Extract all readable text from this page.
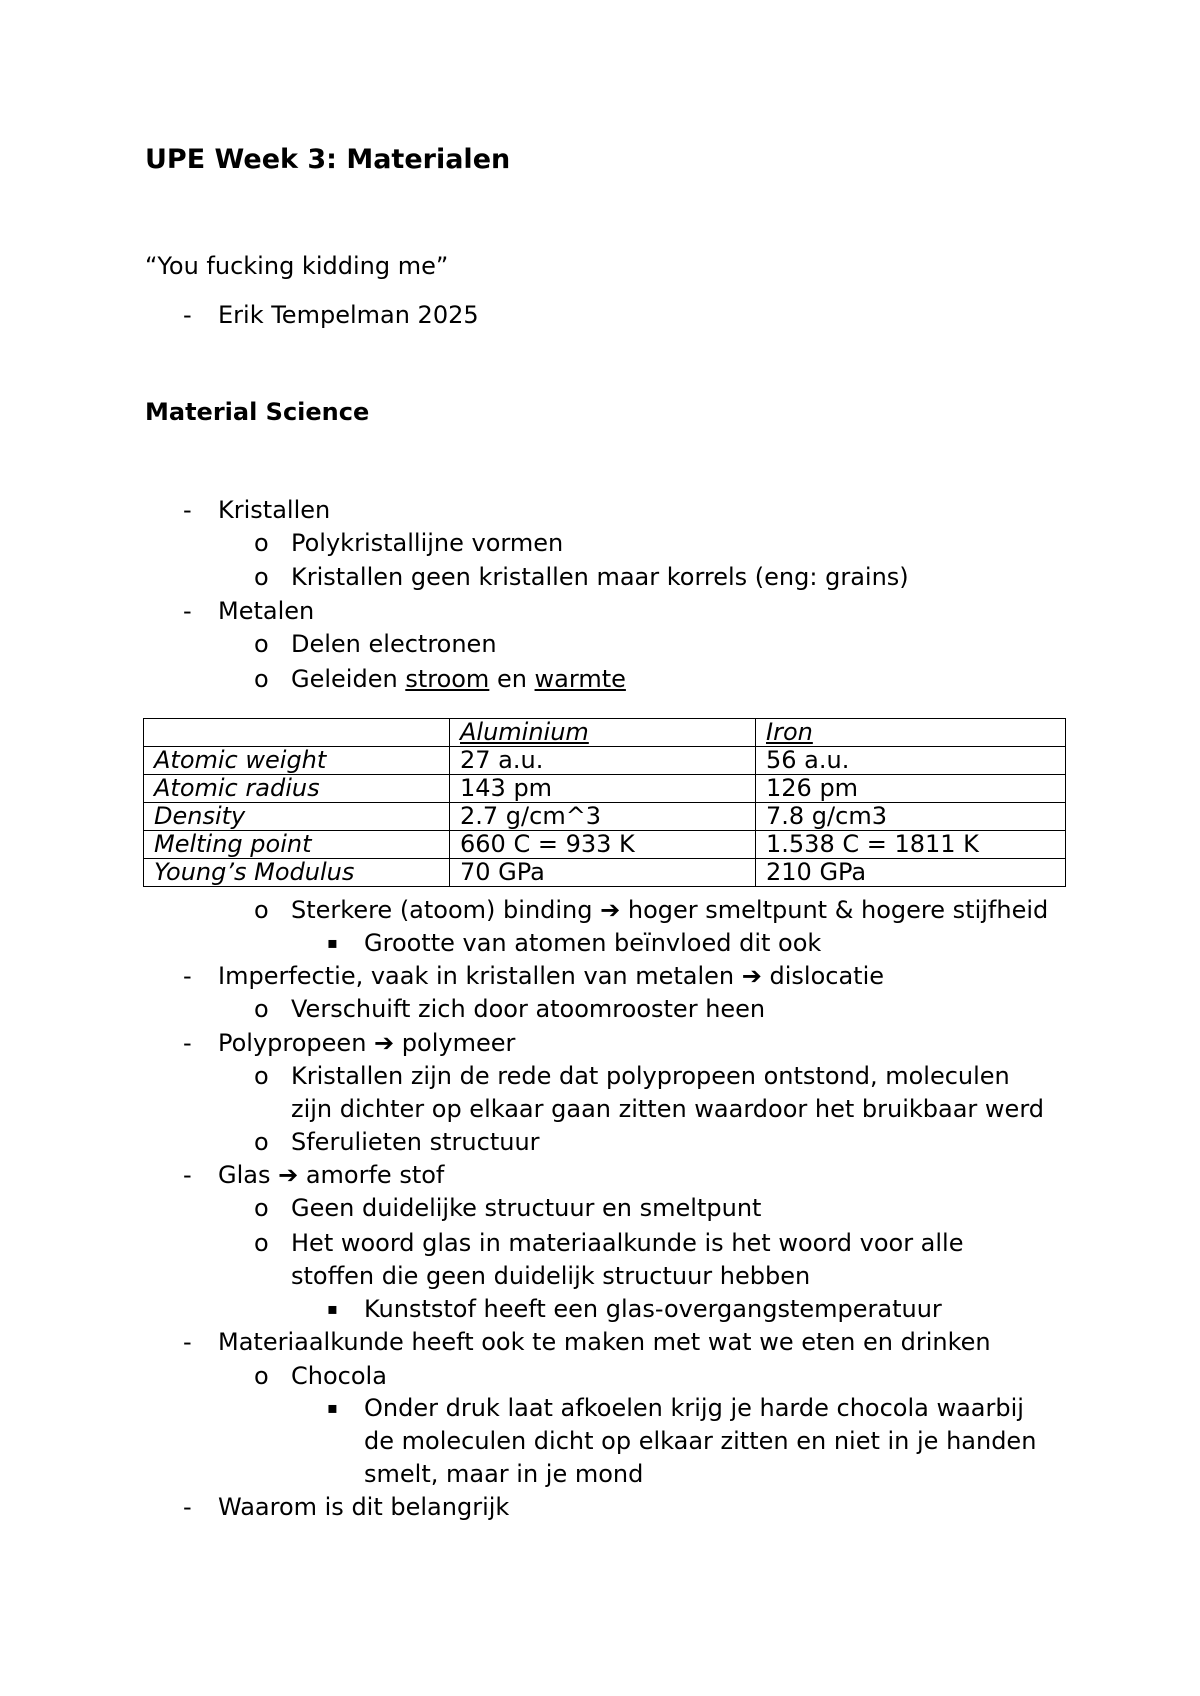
UPE Week 3: Materialen
“You fucking kidding me”
- Erik Tempelman 2025
Material Science
- Kristallen
o Polykristallijne vormen
o Kristallen geen kristallen maar korrels (eng: grains)
- Metalen
o Delen electronen
o Geleiden stroom en warmte
	Aluminium	Iron
Atomic weight	27 a.u.	56 a.u.
Atomic radius	143 pm	126 pm
Density	2.7 g/cm^3	7.8 g/cm3
Melting point	660 C = 933 K	1.538 C = 1811 K
Young’s Modulus	70 GPa	210 GPa
o Sterkere (atoom) binding ➔ hoger smeltpunt & hogere stijfheid
▪ Grootte van atomen beïnvloed dit ook
- Imperfectie, vaak in kristallen van metalen ➔ dislocatie
o Verschuift zich door atoomrooster heen
- Polypropeen ➔ polymeer
o Kristallen zijn de rede dat polypropeen ontstond, moleculen
zijn dichter op elkaar gaan zitten waardoor het bruikbaar werd
o Sferulieten structuur
- Glas ➔ amorfe stof
o Geen duidelijke structuur en smeltpunt
o Het woord glas in materiaalkunde is het woord voor alle
stoffen die geen duidelijk structuur hebben
▪ Kunststof heeft een glas-overgangstemperatuur
- Materiaalkunde heeft ook te maken met wat we eten en drinken
o Chocola
▪ Onder druk laat afkoelen krijg je harde chocola waarbij
de moleculen dicht op elkaar zitten en niet in je handen
smelt, maar in je mond
- Waarom is dit belangrijk
